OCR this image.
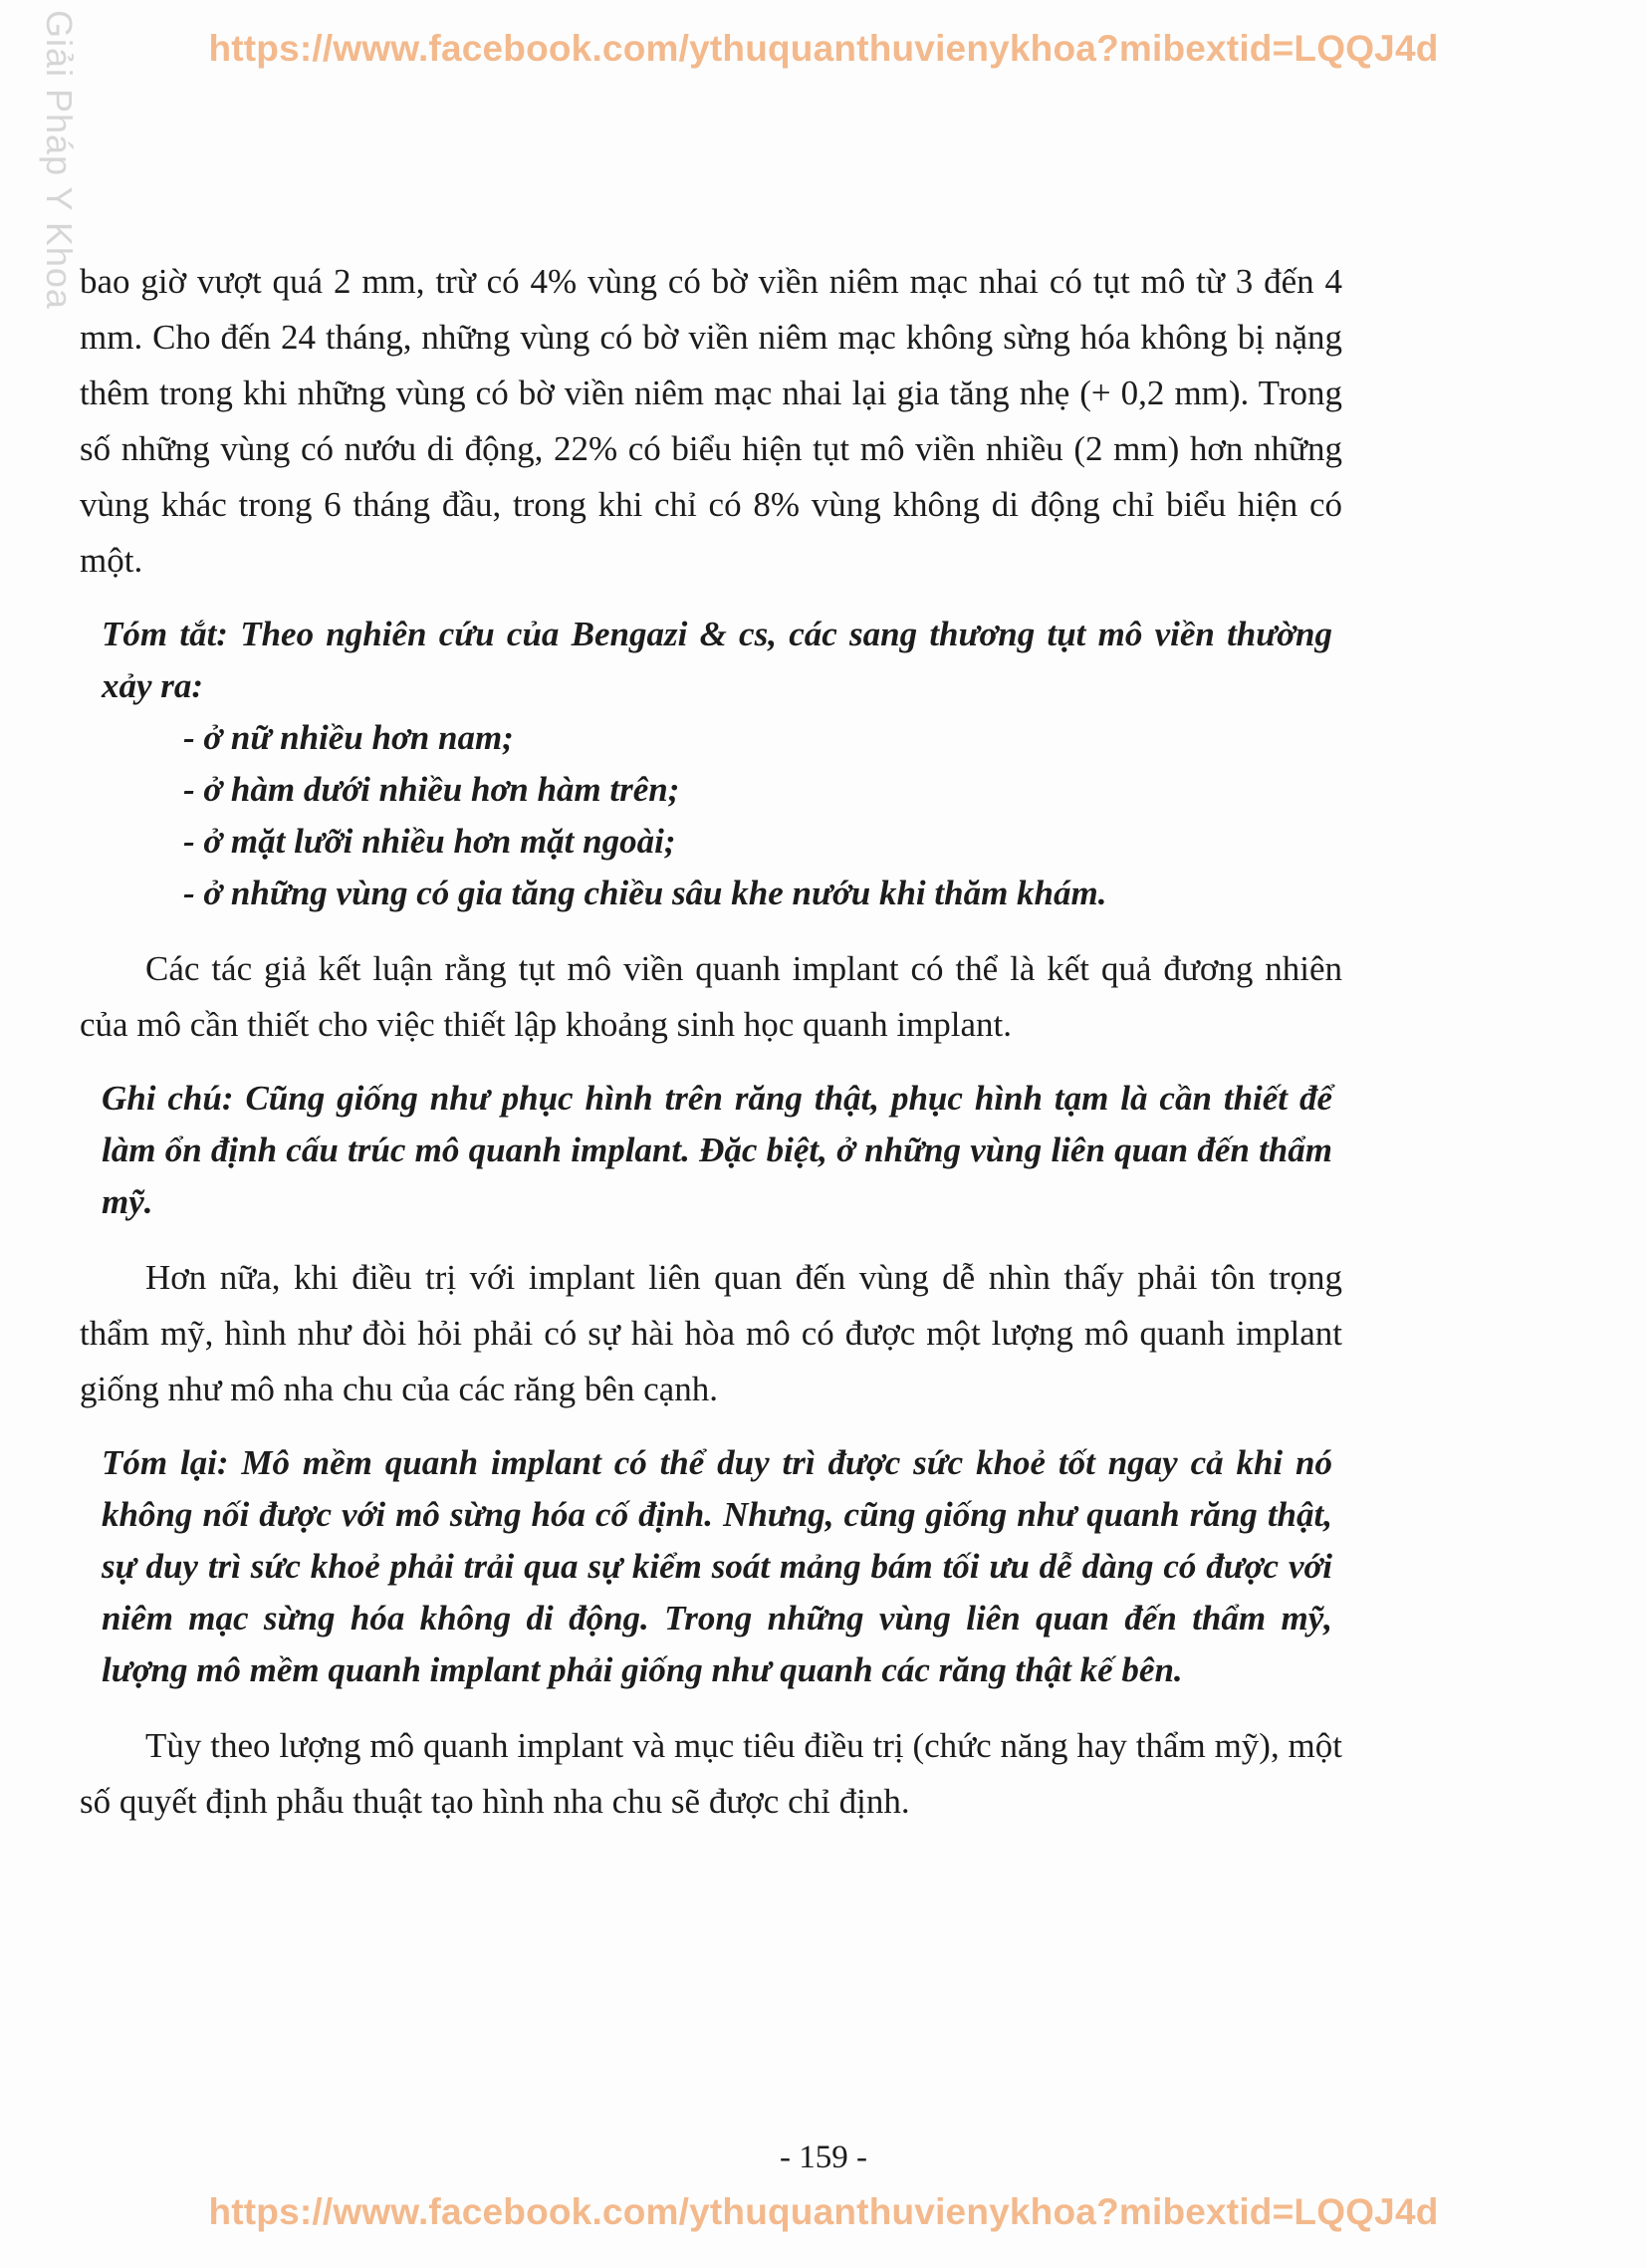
https://www.facebook.com/ythuquanthuvienykhoa?mibextid=LQQJ4d
Giải Pháp Y Khoa bao giờ vượt quá 2 mm, trừ có 4% vùng có bờ viền niêm mạc nhai có tụt mô từ 3 đến 4 mm. Cho đến 24 tháng, những vùng có bờ viền niêm mạc không sừng hóa không bị nặng thêm trong khi những vùng có bờ viền niêm mạc nhai lại gia tăng nhẹ (+ 0,2 mm). Trong số những vùng có nướu di động, 22% có biểu hiện tụt mô viền nhiều (2 mm) hơn những vùng khác trong 6 tháng đầu, trong khi chỉ có 8% vùng không di động chỉ biểu hiện có một.

Tóm tắt: Theo nghiên cứu của Bengazi & cs, các sang thương tụt mô viền thường xảy ra:
- ở nữ nhiều hơn nam;
- ở hàm dưới nhiều hơn hàm trên;
- ở mặt lưỡi nhiều hơn mặt ngoài;
- ở những vùng có gia tăng chiều sâu khe nướu khi thăm khám.

Các tác giả kết luận rằng tụt mô viền quanh implant có thể là kết quả đương nhiên của mô cần thiết cho việc thiết lập khoảng sinh học quanh implant.

Ghi chú: Cũng giống như phục hình trên răng thật, phục hình tạm là cần thiết để làm ổn định cấu trúc mô quanh implant. Đặc biệt, ở những vùng liên quan đến thẩm mỹ.

Hơn nữa, khi điều trị với implant liên quan đến vùng dễ nhìn thấy phải tôn trọng thẩm mỹ, hình như đòi hỏi phải có sự hài hòa mô có được một lượng mô quanh implant giống như mô nha chu của các răng bên cạnh.

Tóm lại: Mô mềm quanh implant có thể duy trì được sức khoẻ tốt ngay cả khi nó không nối được với mô sừng hóa cố định. Nhưng, cũng giống như quanh răng thật, sự duy trì sức khoẻ phải trải qua sự kiểm soát mảng bám tối ưu dễ dàng có được với niêm mạc sừng hóa không di động. Trong những vùng liên quan đến thẩm mỹ, lượng mô mềm quanh implant phải giống như quanh các răng thật kế bên.

Tùy theo lượng mô quanh implant và mục tiêu điều trị (chức năng hay thẩm mỹ), một số quyết định phẫu thuật tạo hình nha chu sẽ được chỉ định.

- 159 -
https://www.facebook.com/ythuquanthuvienykhoa?mibextid=LQQJ4d
